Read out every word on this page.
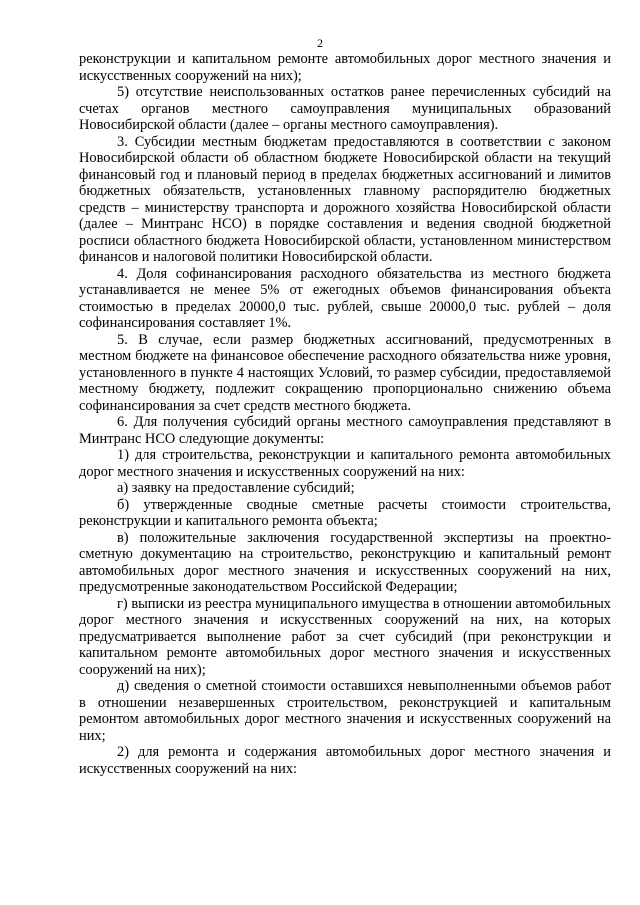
2

реконструкции и капитальном ремонте автомобильных дорог местного значения и искусственных сооружений на них);

5) отсутствие неиспользованных остатков ранее перечисленных субсидий на счетах органов местного самоуправления муниципальных образований Новосибирской области (далее – органы местного самоуправления).

3. Субсидии местным бюджетам предоставляются в соответствии с законом Новосибирской области об областном бюджете Новосибирской области на текущий финансовый год и плановый период в пределах бюджетных ассигнований и лимитов бюджетных обязательств, установленных главному распорядителю бюджетных средств – министерству транспорта и дорожного хозяйства Новосибирской области (далее – Минтранс НСО) в порядке составления и ведения сводной бюджетной росписи областного бюджета Новосибирской области, установленном министерством финансов и налоговой политики Новосибирской области.

4. Доля софинансирования расходного обязательства из местного бюджета устанавливается не менее 5% от ежегодных объемов финансирования объекта стоимостью в пределах 20000,0 тыс. рублей, свыше 20000,0 тыс. рублей – доля софинансирования составляет 1%.

5. В случае, если размер бюджетных ассигнований, предусмотренных в местном бюджете на финансовое обеспечение расходного обязательства ниже уровня, установленного в пункте 4 настоящих Условий, то размер субсидии, предоставляемой местному бюджету, подлежит сокращению пропорционально снижению объема софинансирования за счет средств местного бюджета.

6. Для получения субсидий органы местного самоуправления представляют в Минтранс НСО следующие документы:

1) для строительства, реконструкции и капитального ремонта автомобильных дорог местного значения и искусственных сооружений на них:

а) заявку на предоставление субсидий;

б) утвержденные сводные сметные расчеты стоимости строительства, реконструкции и капитального ремонта объекта;

в) положительные заключения государственной экспертизы на проектно-сметную документацию на строительство, реконструкцию и капитальный ремонт автомобильных дорог местного значения и искусственных сооружений на них, предусмотренные законодательством Российской Федерации;

г) выписки из реестра муниципального имущества в отношении автомобильных дорог местного значения и искусственных сооружений на них, на которых предусматривается выполнение работ за счет субсидий (при реконструкции и капитальном ремонте автомобильных дорог местного значения и искусственных сооружений на них);

д) сведения о сметной стоимости оставшихся невыполненными объемов работ в отношении незавершенных строительством, реконструкцией и капитальным ремонтом автомобильных дорог местного значения и искусственных сооружений на них;

2) для ремонта и содержания автомобильных дорог местного значения и искусственных сооружений на них:
